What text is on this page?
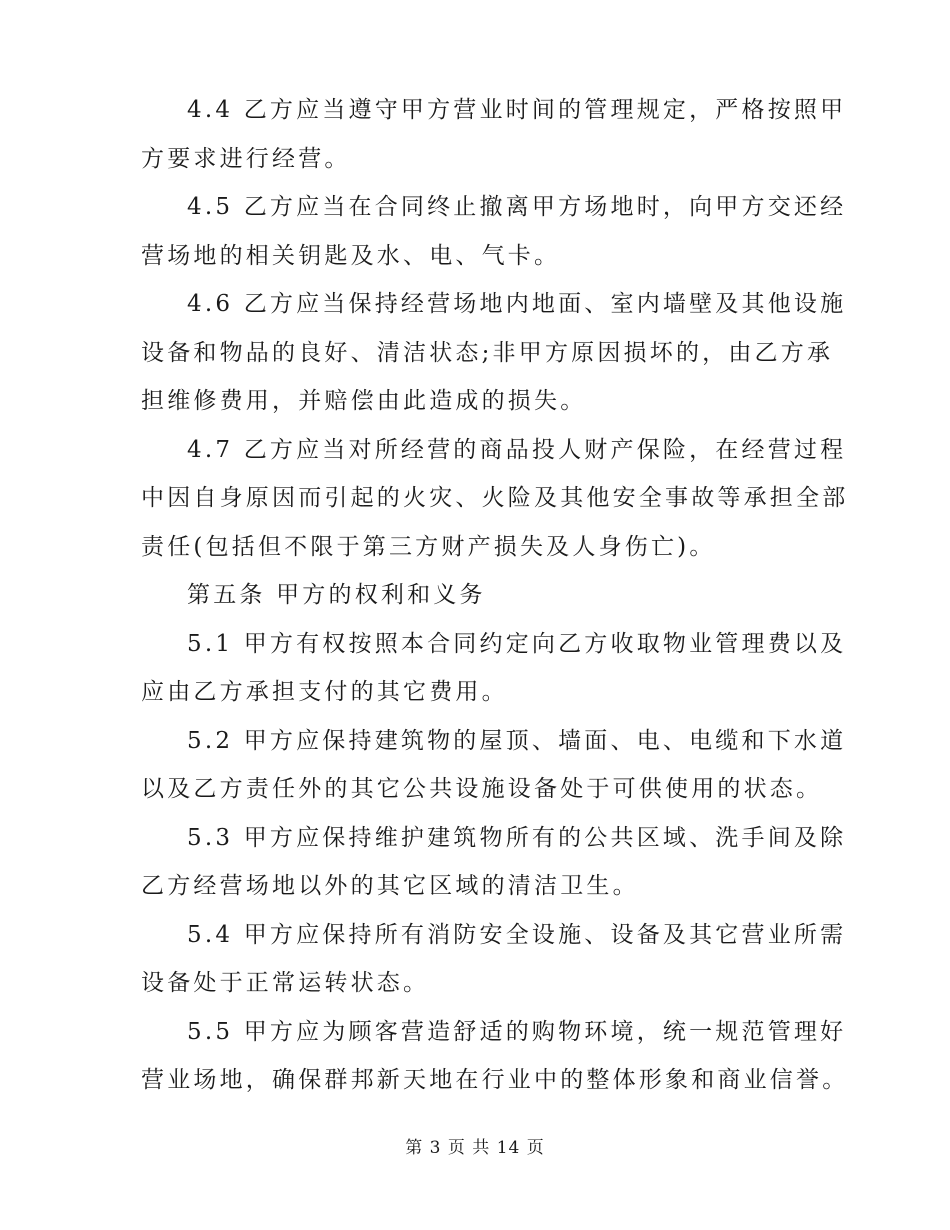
4.4 乙方应当遵守甲方营业时间的管理规定，严格按照甲
方要求进行经营。

4.5 乙方应当在合同终止撤离甲方场地时，向甲方交还经
营场地的相关钥匙及水、电、气卡。

4.6 乙方应当保持经营场地内地面、室内墙壁及其他设施
设备和物品的良好、清洁状态;非甲方原因损坏的，由乙方承
担维修费用，并赔偿由此造成的损失。

4.7 乙方应当对所经营的商品投人财产保险，在经营过程
中因自身原因而引起的火灾、火险及其他安全事故等承担全部
责任(包括但不限于第三方财产损失及人身伤亡)。

第五条 甲方的权利和义务

5.1 甲方有权按照本合同约定向乙方收取物业管理费以及
应由乙方承担支付的其它费用。

5.2 甲方应保持建筑物的屋顶、墙面、电、电缆和下水道
以及乙方责任外的其它公共设施设备处于可供使用的状态。

5.3 甲方应保持维护建筑物所有的公共区域、洗手间及除
乙方经营场地以外的其它区域的清洁卫生。

5.4 甲方应保持所有消防安全设施、设备及其它营业所需
设备处于正常运转状态。

5.5 甲方应为顾客营造舒适的购物环境，统一规范管理好
营业场地，确保群邦新天地在行业中的整体形象和商业信誉。

第 3 页 共 14 页
